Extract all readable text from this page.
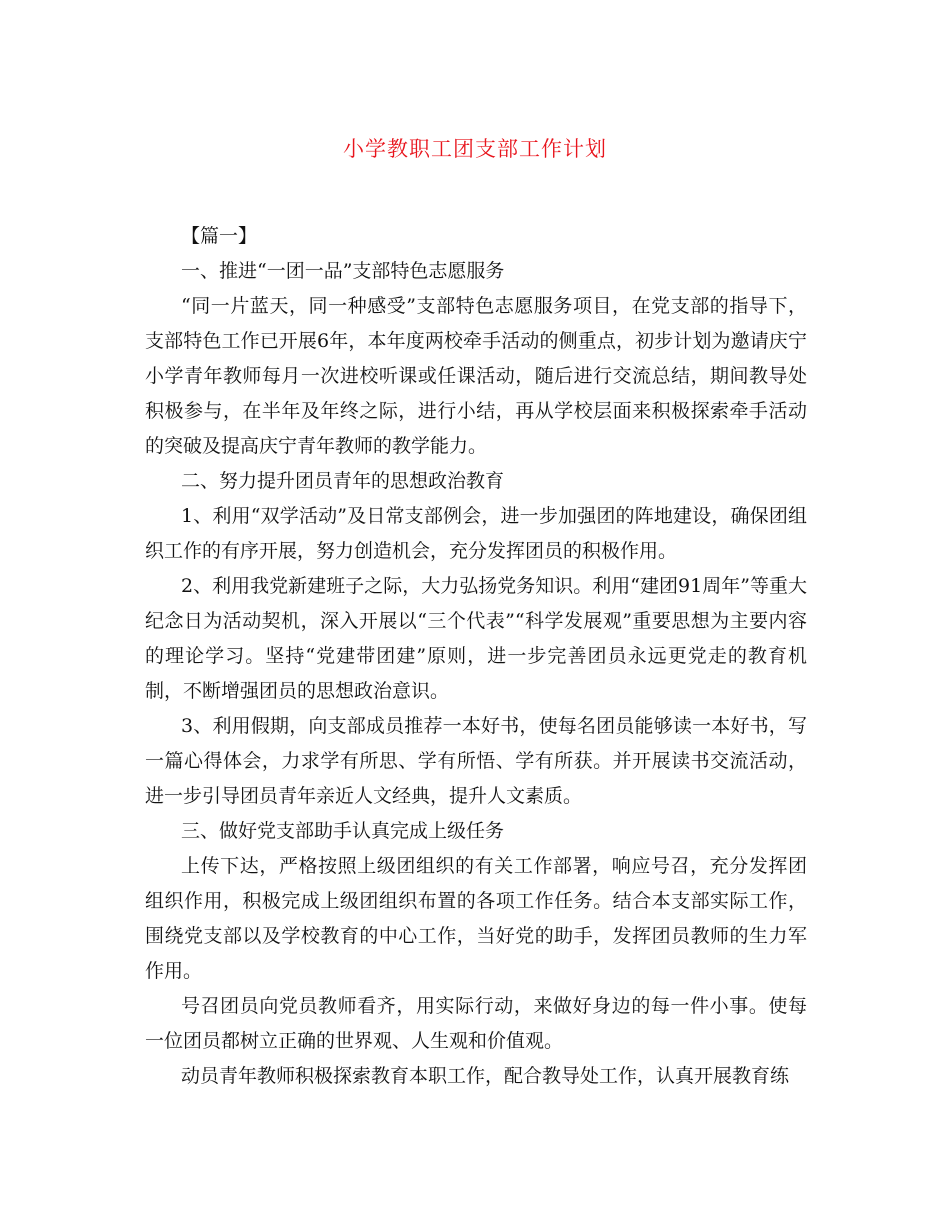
小学教职工团支部工作计划

【篇一】

一、推进“一团一品”支部特色志愿服务

“同一片蓝天，同一种感受”支部特色志愿服务项目，在党支部的指导下，支部特色工作已开展6年，本年度两校牵手活动的侧重点，初步计划为邀请庆宁小学青年教师每月一次进校听课或任课活动，随后进行交流总结，期间教导处积极参与，在半年及年终之际，进行小结，再从学校层面来积极探索牵手活动的突破及提高庆宁青年教师的教学能力。

二、努力提升团员青年的思想政治教育

1、利用“双学活动”及日常支部例会，进一步加强团的阵地建设，确保团组织工作的有序开展，努力创造机会，充分发挥团员的积极作用。

2、利用我党新建班子之际，大力弘扬党务知识。利用“建团91周年”等重大纪念日为活动契机，深入开展以“三个代表”“科学发展观”重要思想为主要内容的理论学习。坚持“党建带团建”原则，进一步完善团员永远更党走的教育机制，不断增强团员的思想政治意识。

3、利用假期，向支部成员推荐一本好书，使每名团员能够读一本好书，写一篇心得体会，力求学有所思、学有所悟、学有所获。并开展读书交流活动，进一步引导团员青年亲近人文经典，提升人文素质。

三、做好党支部助手认真完成上级任务

上传下达，严格按照上级团组织的有关工作部署，响应号召，充分发挥团组织作用，积极完成上级团组织布置的各项工作任务。结合本支部实际工作，围绕党支部以及学校教育的中心工作，当好党的助手，发挥团员教师的生力军作用。

号召团员向党员教师看齐，用实际行动，来做好身边的每一件小事。使每一位团员都树立正确的世界观、人生观和价值观。

动员青年教师积极探索教育本职工作，配合教导处工作，认真开展教育练
